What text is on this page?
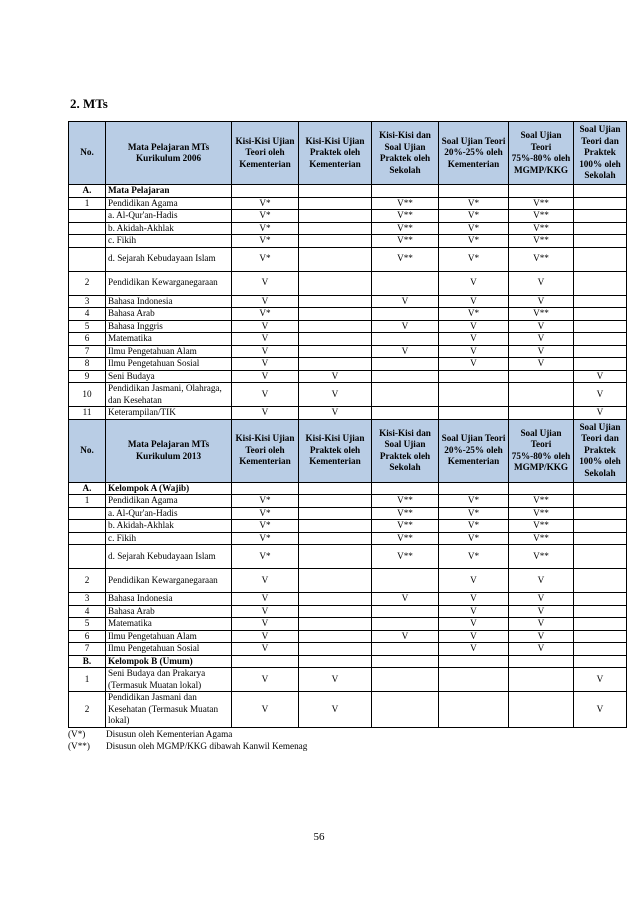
2. MTs
No.	Mata Pelajaran MTs Kurikulum 2006	Kisi-Kisi Ujian Teori oleh Kementerian	Kisi-Kisi Ujian Praktek oleh Kementerian	Kisi-Kisi dan Soal Ujian Praktek oleh Sekolah	Soal Ujian Teori 20%-25% oleh Kementerian	Soal Ujian Teori 75%-80% oleh MGMP/KKG	Soal Ujian Teori dan Praktek 100% oleh Sekolah
A.	Mata Pelajaran						
1	Pendidikan Agama	V*		V**	V*	V**	
	a. Al-Qur'an-Hadis	V*		V**	V*	V**	
	b. Akidah-Akhlak	V*		V**	V*	V**	
	c. Fikih	V*		V**	V*	V**	
	d. Sejarah Kebudayaan Islam	V*		V**	V*	V**	
2	Pendidikan Kewarganegaraan	V			V	V	
3	Bahasa Indonesia	V		V	V	V	
4	Bahasa Arab	V*			V*	V**	
5	Bahasa Inggris	V		V	V	V	
6	Matematika	V			V	V	
7	Ilmu Pengetahuan Alam	V		V	V	V	
8	Ilmu Pengetahuan Sosial	V			V	V	
9	Seni Budaya	V	V				V
10	Pendidikan Jasmani, Olahraga, dan Kesehatan	V	V				V
11	Keterampilan/TIK	V	V				V
No.	Mata Pelajaran MTs Kurikulum 2013	Kisi-Kisi Ujian Teori oleh Kementerian	Kisi-Kisi Ujian Praktek oleh Kementerian	Kisi-Kisi dan Soal Ujian Praktek oleh Sekolah	Soal Ujian Teori 20%-25% oleh Kementerian	Soal Ujian Teori 75%-80% oleh MGMP/KKG	Soal Ujian Teori dan Praktek 100% oleh Sekolah
A.	Kelompok A (Wajib)						
1	Pendidikan Agama	V*		V**	V*	V**	
	a. Al-Qur'an-Hadis	V*		V**	V*	V**	
	b. Akidah-Akhlak	V*		V**	V*	V**	
	c. Fikih	V*		V**	V*	V**	
	d. Sejarah Kebudayaan Islam	V*		V**	V*	V**	
2	Pendidikan Kewarganegaraan	V			V	V	
3	Bahasa Indonesia	V		V	V	V	
4	Bahasa Arab	V			V	V	
5	Matematika	V			V	V	
6	Ilmu Pengetahuan Alam	V		V	V	V	
7	Ilmu Pengetahuan Sosial	V			V	V	
B.	Kelompok B (Umum)						
1	Seni Budaya dan Prakarya (Termasuk Muatan lokal)	V	V				V
2	Pendidikan Jasmani dan Kesehatan (Termasuk Muatan lokal)	V	V				V
(V*)	Disusun oleh Kementerian Agama
(V**)	Disusun oleh MGMP/KKG dibawah Kanwil Kemenag
56
